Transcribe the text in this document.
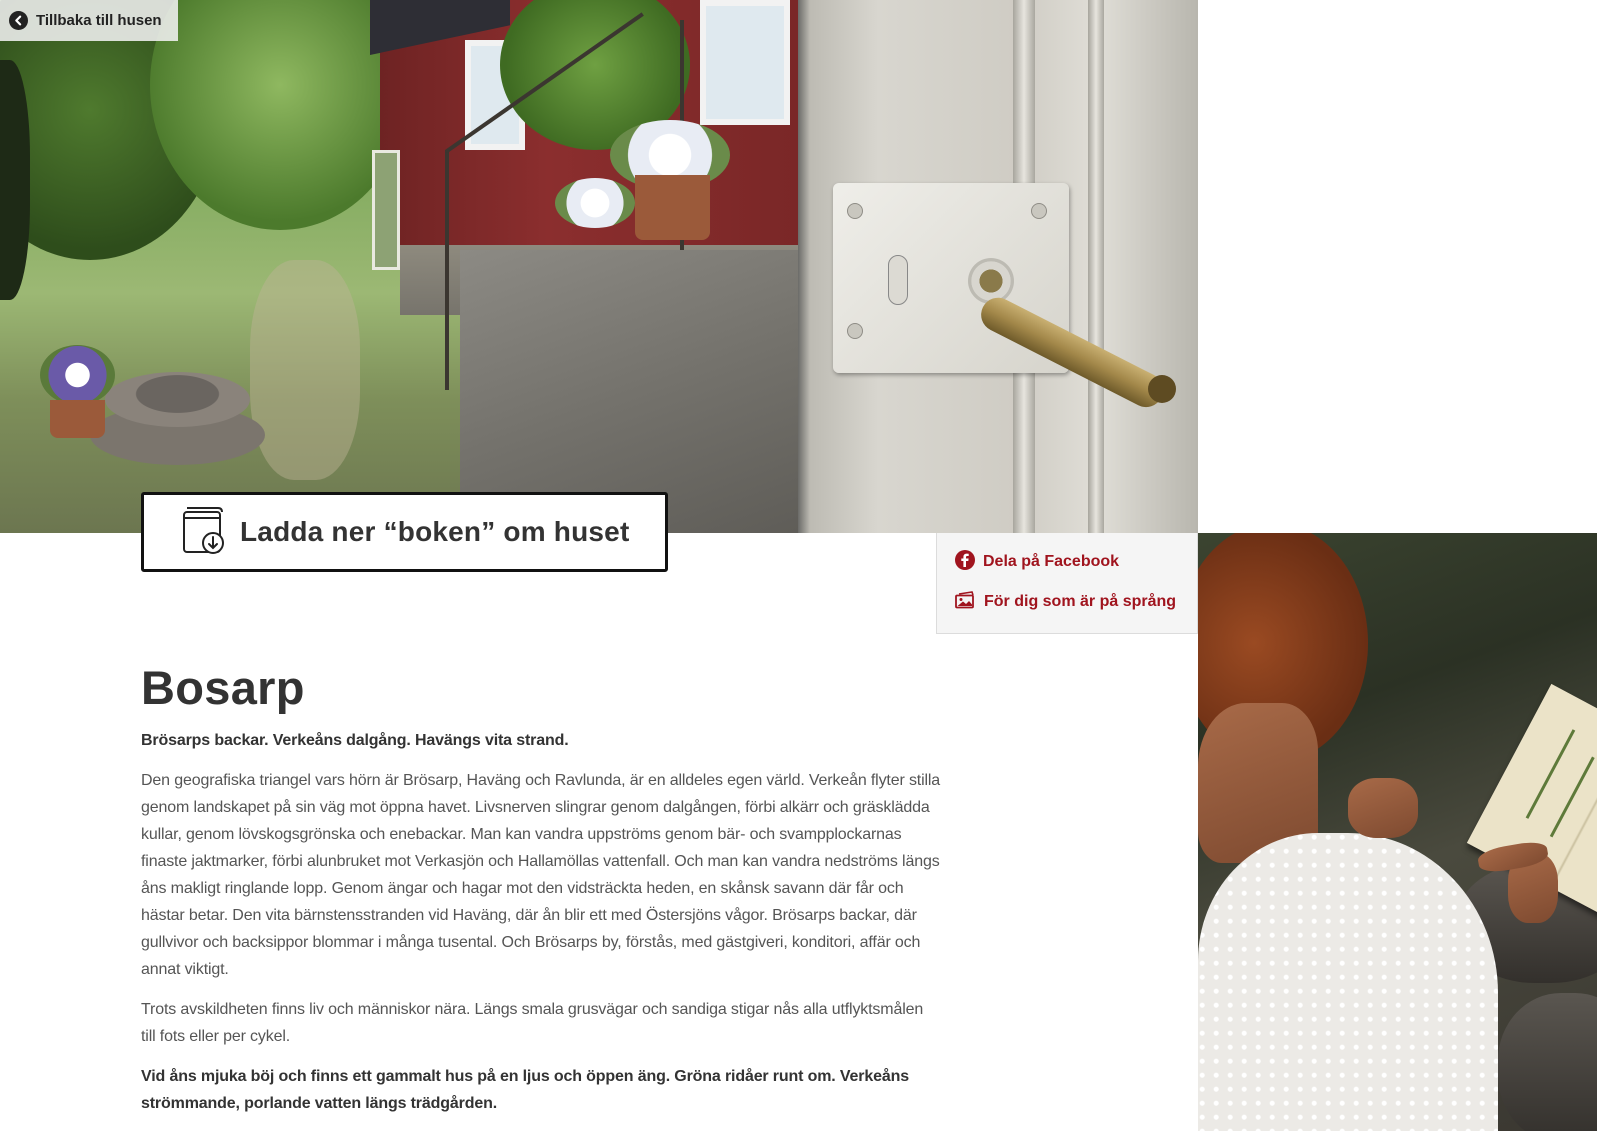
Tillbaka till husen
Ladda ner “boken” om huset
Dela på Facebook
För dig som är på språng
Bosarp

Brösarps backar. Verkeåns dalgång. Havängs vita strand.

Den geografiska triangel vars hörn är Brösarp, Haväng och Ravlunda, är en alldeles egen värld. Verkeån flyter stilla genom landskapet på sin väg mot öppna havet. Livsnerven slingrar genom dalgången, förbi alkärr och gräsklädda kullar, genom lövskogsgrönska och enebackar. Man kan vandra uppströms genom bär- och svampplockarnas finaste jaktmarker, förbi alunbruket mot Verkasjön och Hallamöllas vattenfall. Och man kan vandra nedströms längs åns makligt ringlande lopp. Genom ängar och hagar mot den vidsträckta heden, en skånsk savann där får och hästar betar. Den vita bärnstensstranden vid Haväng, där ån blir ett med Östersjöns vågor. Brösarps backar, där gullvivor och backsippor blommar i många tusental. Och Brösarps by, förstås, med gästgiveri, konditori, affär och annat viktigt.

Trots avskildheten finns liv och människor nära. Längs smala grusvägar och sandiga stigar nås alla utflyktsmålen till fots eller per cykel.

Vid åns mjuka böj och finns ett gammalt hus på en ljus och öppen äng. Gröna ridåer runt om. Verkeåns strömmande, porlande vatten längs trädgården.
